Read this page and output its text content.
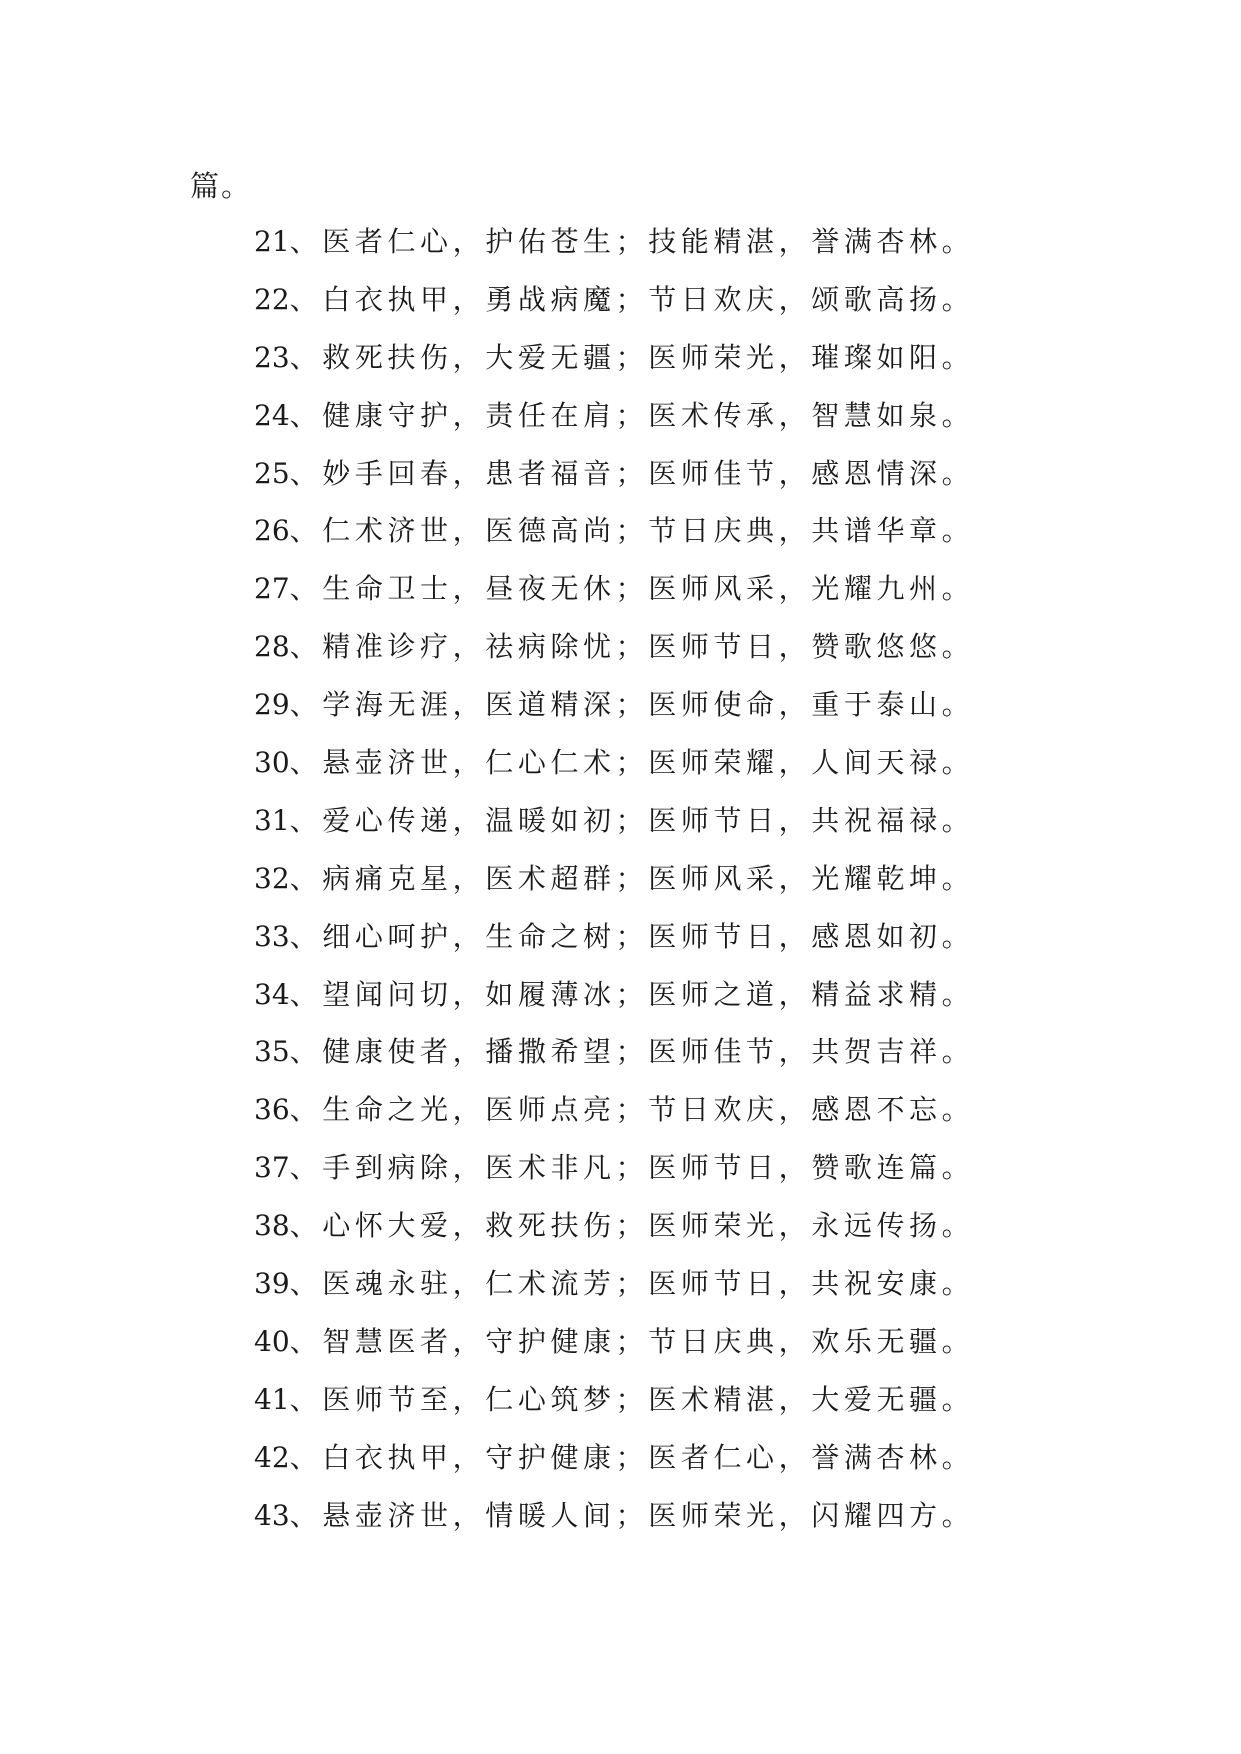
篇。
21、医者仁心，护佑苍生；技能精湛，誉满杏林。
22、白衣执甲，勇战病魔；节日欢庆，颂歌高扬。
23、救死扶伤，大爱无疆；医师荣光，璀璨如阳。
24、健康守护，责任在肩；医术传承，智慧如泉。
25、妙手回春，患者福音；医师佳节，感恩情深。
26、仁术济世，医德高尚；节日庆典，共谱华章。
27、生命卫士，昼夜无休；医师风采，光耀九州。
28、精准诊疗，祛病除忧；医师节日，赞歌悠悠。
29、学海无涯，医道精深；医师使命，重于泰山。
30、悬壶济世，仁心仁术；医师荣耀，人间天禄。
31、爱心传递，温暖如初；医师节日，共祝福禄。
32、病痛克星，医术超群；医师风采，光耀乾坤。
33、细心呵护，生命之树；医师节日，感恩如初。
34、望闻问切，如履薄冰；医师之道，精益求精。
35、健康使者，播撒希望；医师佳节，共贺吉祥。
36、生命之光，医师点亮；节日欢庆，感恩不忘。
37、手到病除，医术非凡；医师节日，赞歌连篇。
38、心怀大爱，救死扶伤；医师荣光，永远传扬。
39、医魂永驻，仁术流芳；医师节日，共祝安康。
40、智慧医者，守护健康；节日庆典，欢乐无疆。
41、医师节至，仁心筑梦；医术精湛，大爱无疆。
42、白衣执甲，守护健康；医者仁心，誉满杏林。
43、悬壶济世，情暖人间；医师荣光，闪耀四方。
